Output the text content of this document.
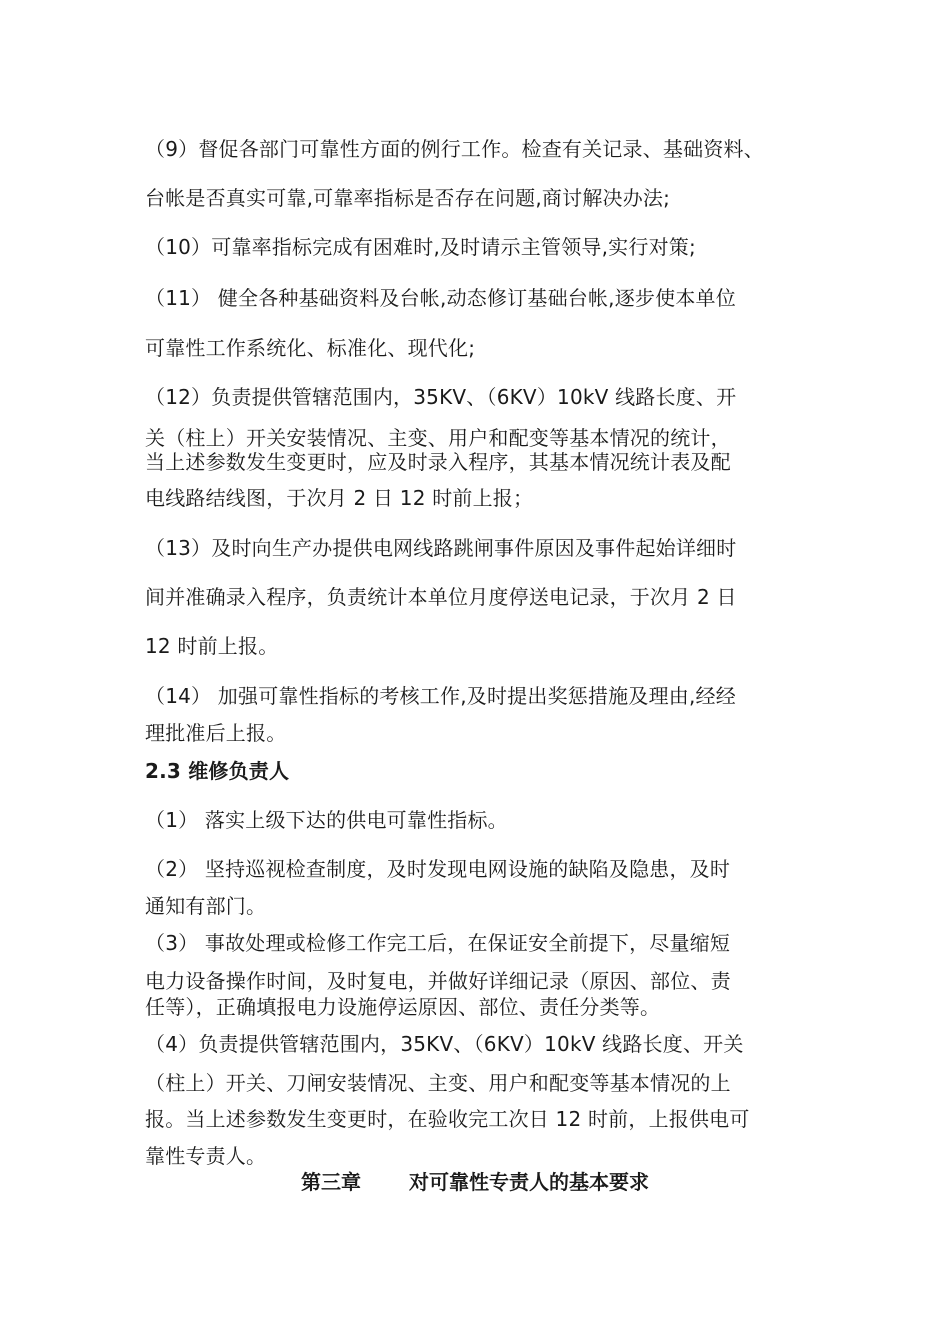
（9）督促各部门可靠性方面的例行工作。检查有关记录、基础资料、
台帐是否真实可靠,可靠率指标是否存在问题,商讨解决办法;
（10）可靠率指标完成有困难时,及时请示主管领导,实行对策;
（11） 健全各种基础资料及台帐,动态修订基础台帐,逐步使本单位
可靠性工作系统化、标准化、现代化;
（12）负责提供管辖范围内，35KV、（6KV）10kV 线路长度、开
关（柱上）开关安装情况、主变、用户和配变等基本情况的统计，
当上述参数发生变更时，应及时录入程序，其基本情况统计表及配
电线路结线图，于次月 2 日 12 时前上报；
（13）及时向生产办提供电网线路跳闸事件原因及事件起始详细时
间并准确录入程序，负责统计本单位月度停送电记录，于次月 2 日
12 时前上报。
（14） 加强可靠性指标的考核工作,及时提出奖惩措施及理由,经经
理批准后上报。
2.3 维修负责人
（1） 落实上级下达的供电可靠性指标。
（2） 坚持巡视检查制度，及时发现电网设施的缺陷及隐患，及时
通知有部门。
（3） 事故处理或检修工作完工后，在保证安全前提下，尽量缩短
电力设备操作时间，及时复电，并做好详细记录（原因、部位、责
任等），正确填报电力设施停运原因、部位、责任分类等。
（4）负责提供管辖范围内，35KV、（6KV）10kV 线路长度、开关
（柱上）开关、刀闸安装情况、主变、用户和配变等基本情况的上
报。当上述参数发生变更时，在验收完工次日 12 时前，上报供电可
靠性专责人。
第三章 对可靠性专责人的基本要求
